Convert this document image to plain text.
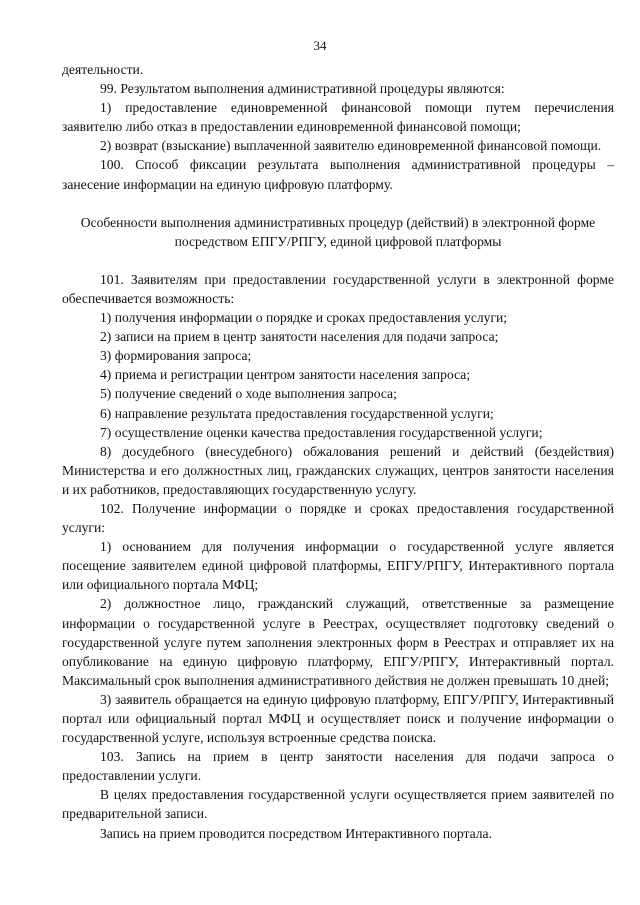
34

деятельности.

99. Результатом выполнения административной процедуры являются:

1) предоставление единовременной финансовой помощи путем перечисления заявителю либо отказ в предоставлении единовременной финансовой помощи;

2) возврат (взыскание) выплаченной заявителю единовременной финансовой помощи.

100. Способ фиксации результата выполнения административной процедуры – занесение информации на единую цифровую платформу.

Особенности выполнения административных процедур (действий) в электронной форме посредством ЕПГУ/РПГУ, единой цифровой платформы

101. Заявителям при предоставлении государственной услуги в электронной форме обеспечивается возможность:

1) получения информации о порядке и сроках предоставления услуги;

2) записи на прием в центр занятости населения для подачи запроса;

3) формирования запроса;

4) приема и регистрации центром занятости населения запроса;

5) получение сведений о ходе выполнения запроса;

6) направление результата предоставления государственной услуги;

7) осуществление оценки качества предоставления государственной услуги;

8) досудебного (внесудебного) обжалования решений и действий (бездействия) Министерства и его должностных лиц, гражданских служащих, центров занятости населения и их работников, предоставляющих государственную услугу.

102. Получение информации о порядке и сроках предоставления государственной услуги:

1) основанием для получения информации о государственной услуге является посещение заявителем единой цифровой платформы, ЕПГУ/РПГУ, Интерактивного портала или официального портала МФЦ;

2) должностное лицо, гражданский служащий, ответственные за размещение информации о государственной услуге в Реестрах, осуществляет подготовку сведений о государственной услуге путем заполнения электронных форм в Реестрах и отправляет их на опубликование на единую цифровую платформу, ЕПГУ/РПГУ, Интерактивный портал. Максимальный срок выполнения административного действия не должен превышать 10 дней;

3) заявитель обращается на единую цифровую платформу, ЕПГУ/РПГУ, Интерактивный портал или официальный портал МФЦ и осуществляет поиск и получение информации о государственной услуге, используя встроенные средства поиска.

103. Запись на прием в центр занятости населения для подачи запроса о предоставлении услуги.

В целях предоставления государственной услуги осуществляется прием заявителей по предварительной записи.

Запись на прием проводится посредством Интерактивного портала.
